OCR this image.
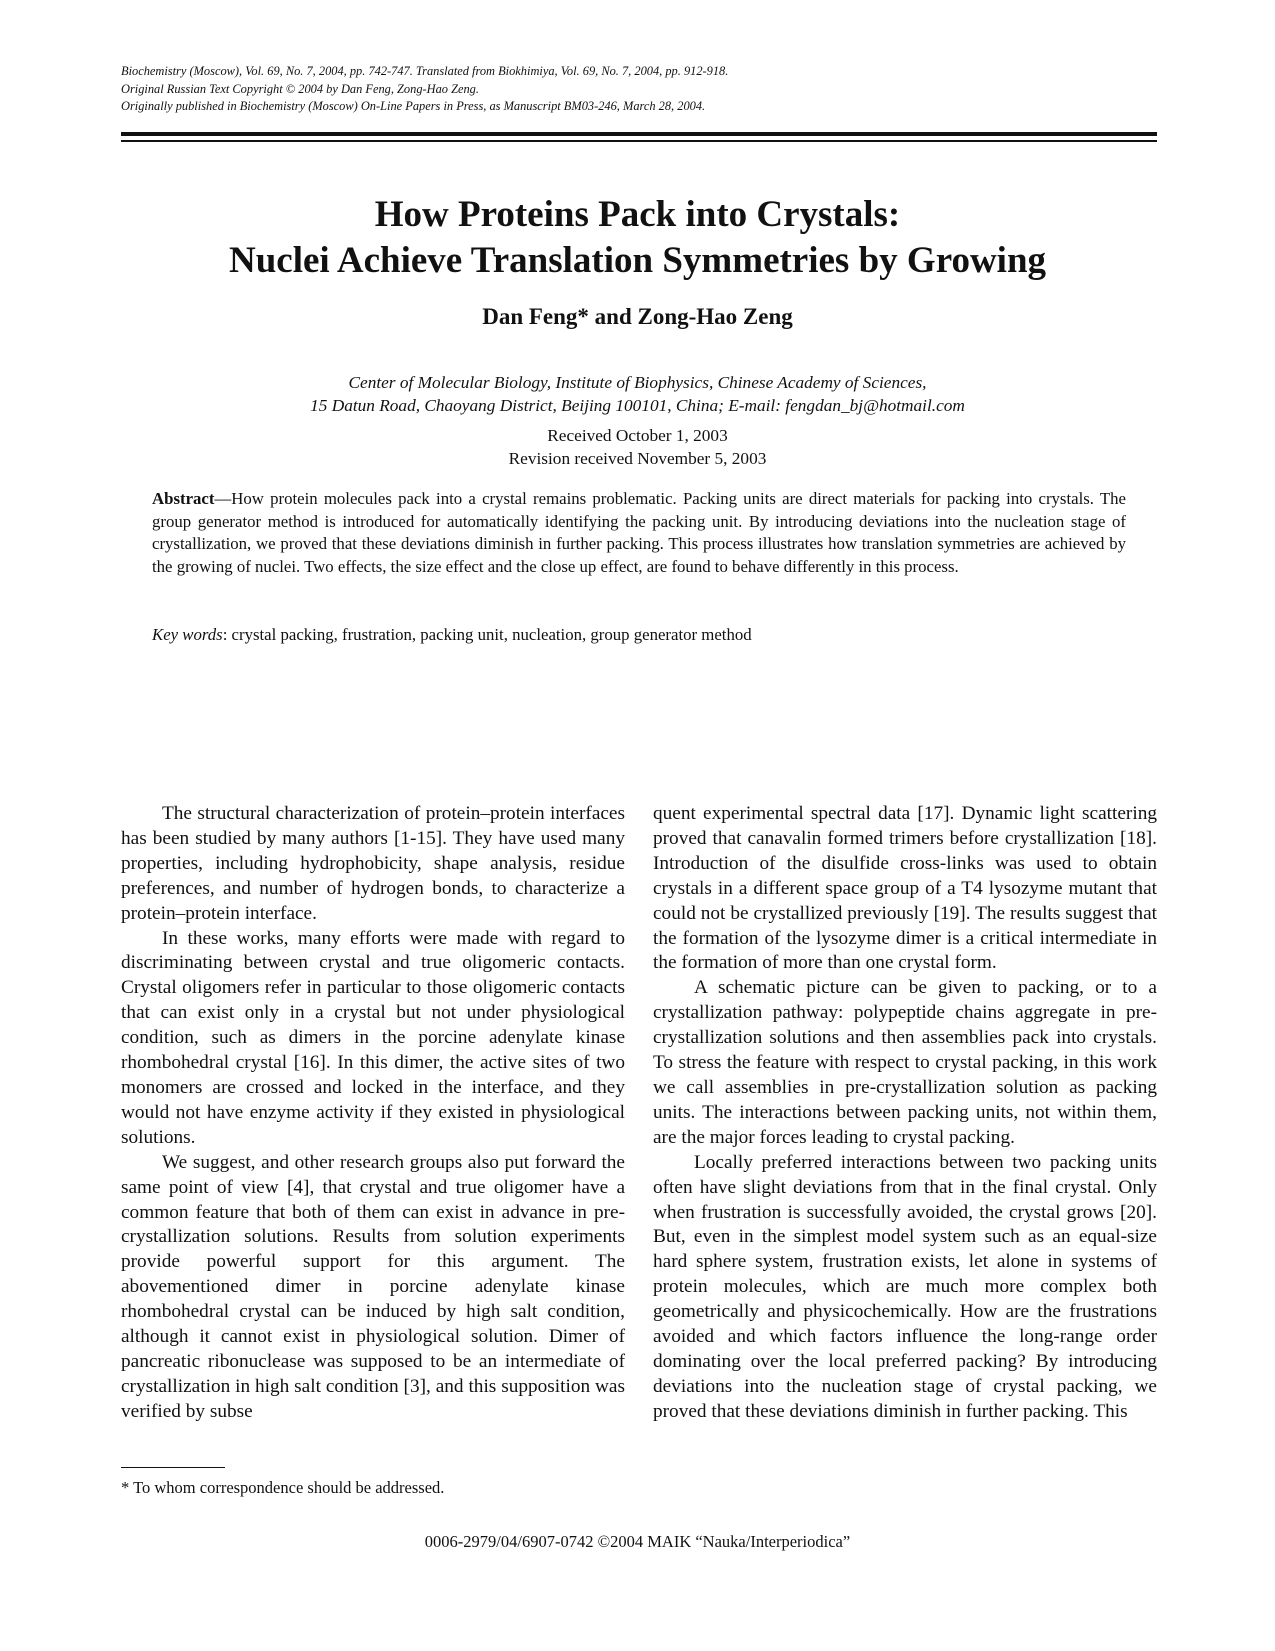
Biochemistry (Moscow), Vol. 69, No. 7, 2004, pp. 742-747. Translated from Biokhimiya, Vol. 69, No. 7, 2004, pp. 912-918.
Original Russian Text Copyright © 2004 by Dan Feng, Zong-Hao Zeng.
Originally published in Biochemistry (Moscow) On-Line Papers in Press, as Manuscript BM03-246, March 28, 2004.
How Proteins Pack into Crystals:
Nuclei Achieve Translation Symmetries by Growing
Dan Feng* and Zong-Hao Zeng
Center of Molecular Biology, Institute of Biophysics, Chinese Academy of Sciences,
15 Datun Road, Chaoyang District, Beijing 100101, China; E-mail: fengdan_bj@hotmail.com
Received October 1, 2003
Revision received November 5, 2003
Abstract—How protein molecules pack into a crystal remains problematic. Packing units are direct materials for packing into crystals. The group generator method is introduced for automatically identifying the packing unit. By introducing deviations into the nucleation stage of crystallization, we proved that these deviations diminish in further packing. This process illustrates how translation symmetries are achieved by the growing of nuclei. Two effects, the size effect and the close up effect, are found to behave differently in this process.
Key words: crystal packing, frustration, packing unit, nucleation, group generator method

The structural characterization of protein–protein interfaces has been studied by many authors [1-15]. They have used many properties, including hydrophobicity, shape analysis, residue preferences, and number of hydrogen bonds, to characterize a protein–protein interface.

In these works, many efforts were made with regard to discriminating between crystal and true oligomeric contacts. Crystal oligomers refer in particular to those oligomeric contacts that can exist only in a crystal but not under physiological condition, such as dimers in the porcine adenylate kinase rhombohedral crystal [16]. In this dimer, the active sites of two monomers are crossed and locked in the interface, and they would not have enzyme activity if they existed in physiological solutions.

We suggest, and other research groups also put forward the same point of view [4], that crystal and true oligomer have a common feature that both of them can exist in advance in pre-crystallization solutions. Results from solution experiments provide powerful support for this argument. The abovementioned dimer in porcine adenylate kinase rhombohedral crystal can be induced by high salt condition, although it cannot exist in physiological solution. Dimer of pancreatic ribonuclease was supposed to be an intermediate of crystallization in high salt condition [3], and this supposition was verified by subse

quent experimental spectral data [17]. Dynamic light scattering proved that canavalin formed trimers before crystallization [18]. Introduction of the disulfide cross-links was used to obtain crystals in a different space group of a T4 lysozyme mutant that could not be crystallized previously [19]. The results suggest that the formation of the lysozyme dimer is a critical intermediate in the formation of more than one crystal form.

A schematic picture can be given to packing, or to a crystallization pathway: polypeptide chains aggregate in pre-crystallization solutions and then assemblies pack into crystals. To stress the feature with respect to crystal packing, in this work we call assemblies in pre-crystallization solution as packing units. The interactions between packing units, not within them, are the major forces leading to crystal packing.

Locally preferred interactions between two packing units often have slight deviations from that in the final crystal. Only when frustration is successfully avoided, the crystal grows [20]. But, even in the simplest model system such as an equal-size hard sphere system, frustration exists, let alone in systems of protein molecules, which are much more complex both geometrically and physicochemically. How are the frustrations avoided and which factors influence the long-range order dominating over the local preferred packing? By introducing deviations into the nucleation stage of crystal packing, we proved that these deviations diminish in further packing. This

* To whom correspondence should be addressed.
0006-2979/04/6907-0742 ©2004 MAIK “Nauka/Interperiodica”
